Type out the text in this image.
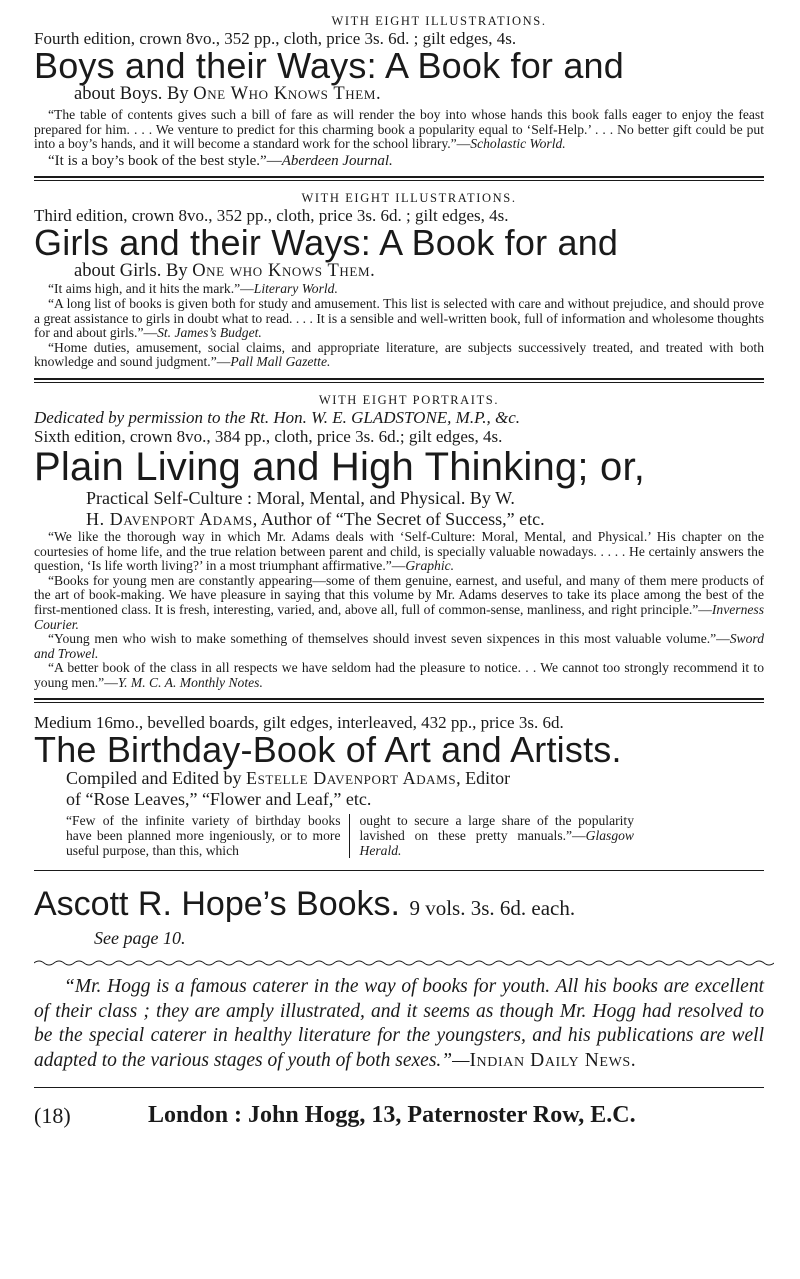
WITH EIGHT ILLUSTRATIONS.

Fourth edition, crown 8vo., 352 pp., cloth, price 3s. 6d. ; gilt edges, 4s.

Boys and their Ways: A Book for and

about Boys. By One Who Knows Them.

“The table of contents gives such a bill of fare as will render the boy into whose hands this book falls eager to enjoy the feast prepared for him. . . . We venture to predict for this charming book a popularity equal to ‘Self-Help.’ . . . No better gift could be put into a boy’s hands, and it will become a standard work for the school library.”—Scholastic World.

“It is a boy’s book of the best style.”—Aberdeen Journal.

WITH EIGHT ILLUSTRATIONS.

Third edition, crown 8vo., 352 pp., cloth, price 3s. 6d. ; gilt edges, 4s.

Girls and their Ways: A Book for and

about Girls. By One who Knows Them.

“It aims high, and it hits the mark.”—Literary World.

“A long list of books is given both for study and amusement. This list is selected with care and without prejudice, and should prove a great assistance to girls in doubt what to read. . . . It is a sensible and well-written book, full of information and wholesome thoughts for and about girls.”—St. James’s Budget.

“Home duties, amusement, social claims, and appropriate literature, are subjects successively treated, and treated with both knowledge and sound judgment.”—Pall Mall Gazette.

WITH EIGHT PORTRAITS.

Dedicated by permission to the Rt. Hon. W. E. GLADSTONE, M.P., &c.

Sixth edition, crown 8vo., 384 pp., cloth, price 3s. 6d.; gilt edges, 4s.

Plain Living and High Thinking; or,

Practical Self-Culture : Moral, Mental, and Physical. By W.

H. Davenport Adams, Author of “The Secret of Success,” etc.

“We like the thorough way in which Mr. Adams deals with ‘Self-Culture: Moral, Mental, and Physical.’ His chapter on the courtesies of home life, and the true relation between parent and child, is specially valuable nowadays. . . . . He certainly answers the question, ‘Is life worth living?’ in a most triumphant affirmative.”—Graphic.

“Books for young men are constantly appearing—some of them genuine, earnest, and useful, and many of them mere products of the art of book-making. We have pleasure in saying that this volume by Mr. Adams deserves to take its place among the best of the first-mentioned class. It is fresh, interesting, varied, and, above all, full of common-sense, manliness, and right principle.”—Inverness Courier.

“Young men who wish to make something of themselves should invest seven sixpences in this most valuable volume.”—Sword and Trowel.

“A better book of the class in all respects we have seldom had the pleasure to notice. . . We cannot too strongly recommend it to young men.”—Y. M. C. A. Monthly Notes.

Medium 16mo., bevelled boards, gilt edges, interleaved, 432 pp., price 3s. 6d.

The Birthday-Book of Art and Artists.

Compiled and Edited by Estelle Davenport Adams, Editor

of “Rose Leaves,” “Flower and Leaf,” etc.

“Few of the infinite variety of birthday books have been planned more ingeniously, or to more useful purpose, than this, which
ought to secure a large share of the popularity lavished on these pretty manuals.”—Glasgow Herald.

Ascott R. Hope’s Books. 9 vols. 3s. 6d. each.

See page 10.

“Mr. Hogg is a famous caterer in the way of books for youth. All his books are excellent of their class ; they are amply illustrated, and it seems as though Mr. Hogg had resolved to be the special caterer in healthy literature for the youngsters, and his publications are well adapted to the various stages of youth of both sexes.”—Indian Daily News.

(18)	London : John Hogg, 13, Paternoster Row, E.C.
